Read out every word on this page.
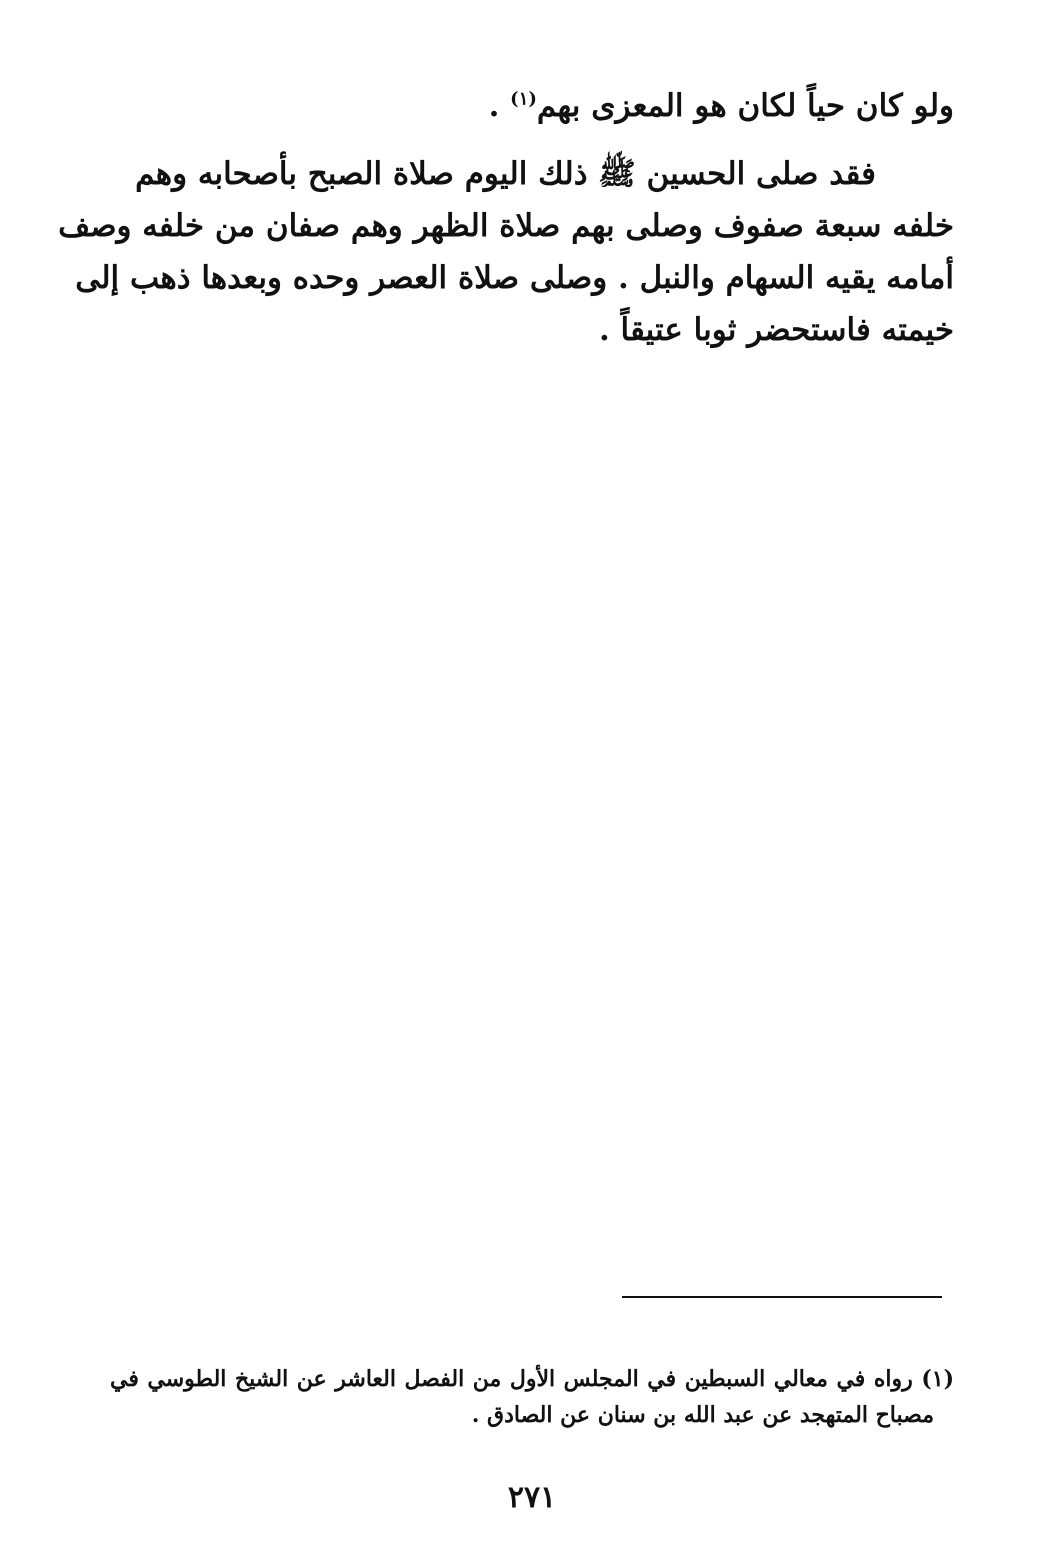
ولو كان حياً لكان هو المعزى بهم$^{(١)}$ .
فقد صلى الحسين ﷺ ذلك اليوم صلاة الصبح بأصحابه وهم
خلفه سبعة صفوف وصلى بهم صلاة الظهر وهم صفان من خلفه وصف
أمامه يقيه السهام والنبل . وصلى صلاة العصر وحده وبعدها ذهب إلى
خيمته فاستحضر ثوبا عتيقاً .
(١) رواه في معالي السبطين في المجلس الأول من الفصل العاشر عن الشيخ الطوسي في
مصباح المتهجد عن عبد الله بن سنان عن الصادق .
٢٧١
